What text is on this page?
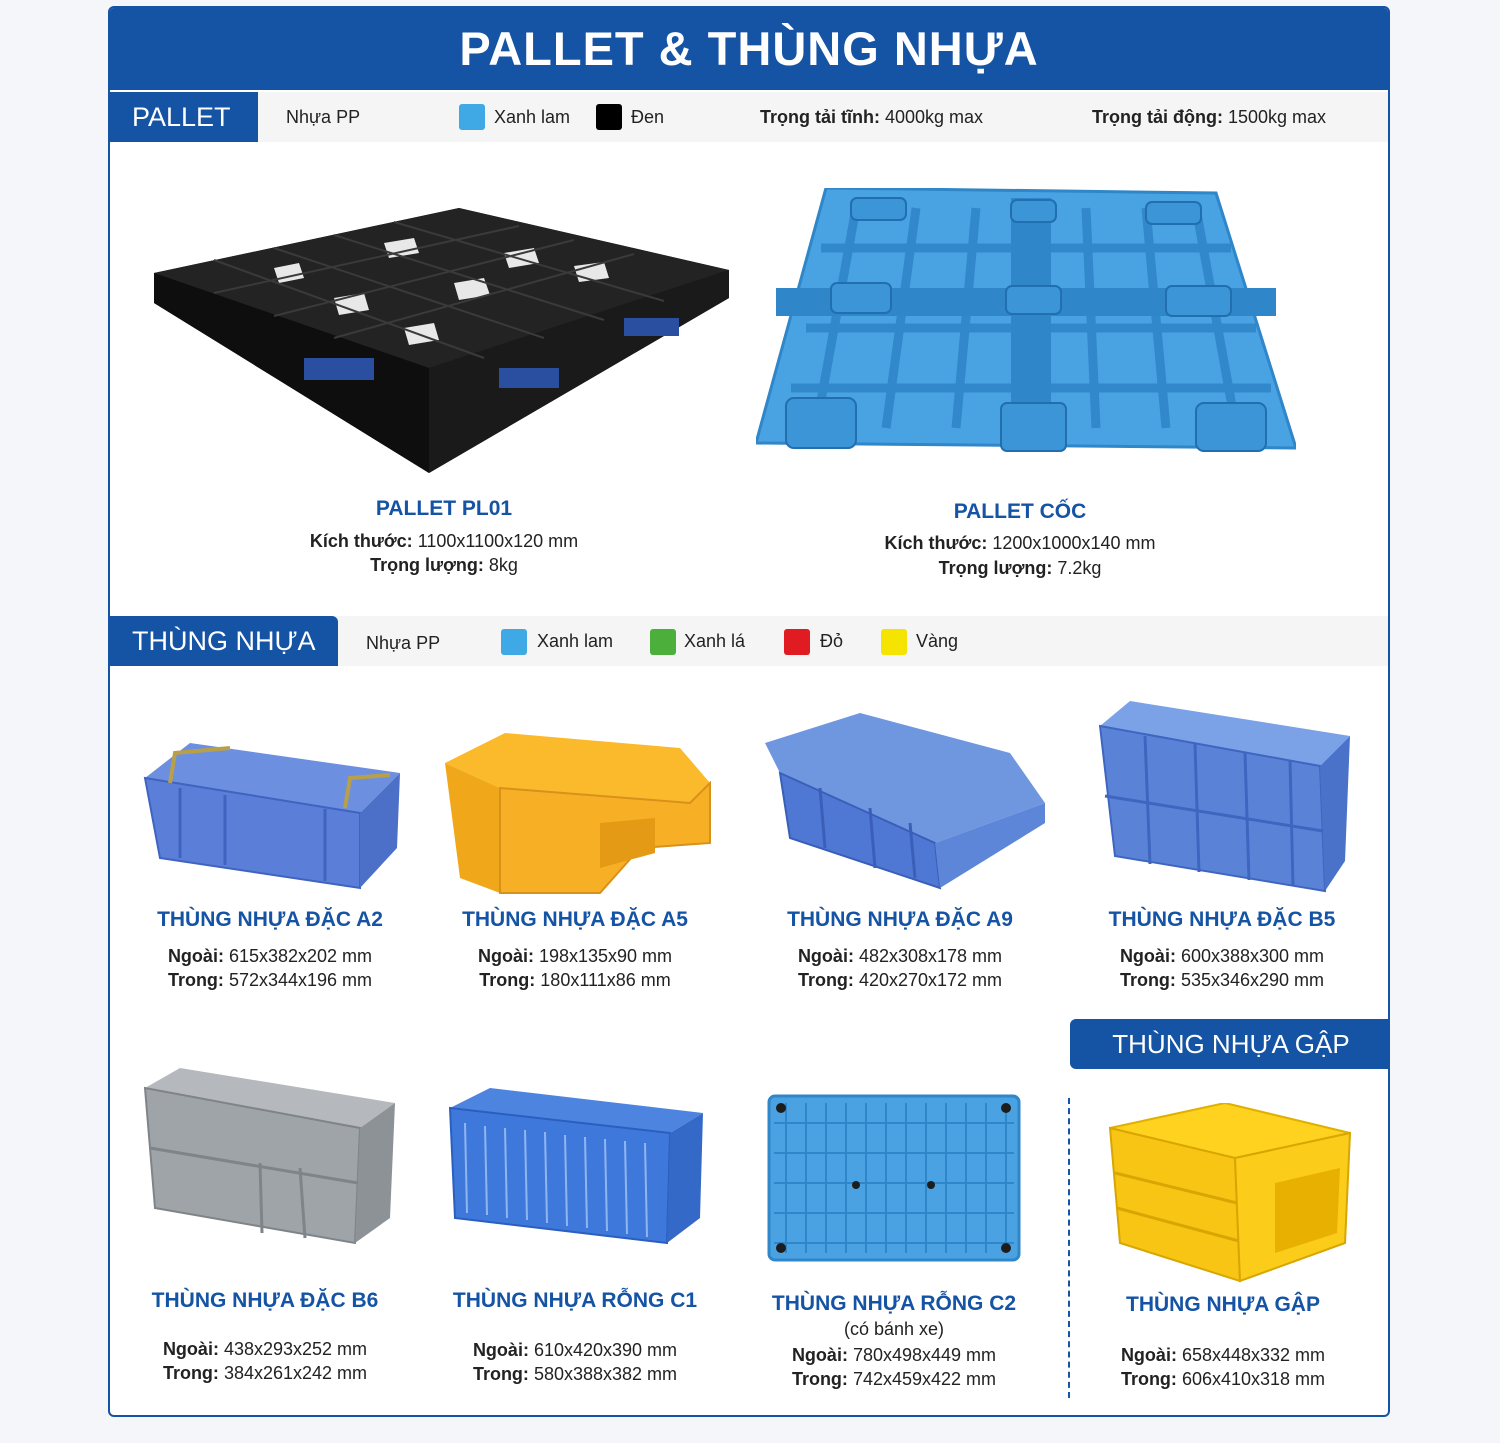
PALLET & THÙNG NHỰA
PALLET	Nhựa PP	Xanh lam	Đen	Trọng tải tĩnh: 4000kg max	Trọng tải động: 1500kg max
PALLET PL01
Kích thước: 1100x1100x120 mm
Trọng lượng: 8kg
PALLET CỐC
Kích thước: 1200x1000x140 mm
Trọng lượng: 7.2kg
THÙNG NHỰA	Nhựa PP	Xanh lam	Xanh lá	Đỏ	Vàng
THÙNG NHỰA ĐẶC A2
Ngoài: 615x382x202 mm
Trong: 572x344x196 mm
THÙNG NHỰA ĐẶC A5
Ngoài: 198x135x90 mm
Trong: 180x111x86 mm
THÙNG NHỰA ĐẶC A9
Ngoài: 482x308x178 mm
Trong: 420x270x172 mm
THÙNG NHỰA ĐẶC B5
Ngoài: 600x388x300 mm
Trong: 535x346x290 mm
THÙNG NHỰA GẬP
THÙNG NHỰA ĐẶC B6
Ngoài: 438x293x252 mm
Trong: 384x261x242 mm
THÙNG NHỰA RỖNG C1
Ngoài: 610x420x390 mm
Trong: 580x388x382 mm
THÙNG NHỰA RỖNG C2
(có bánh xe)
Ngoài: 780x498x449 mm
Trong: 742x459x422 mm
THÙNG NHỰA GẬP
Ngoài: 658x448x332 mm
Trong: 606x410x318 mm
